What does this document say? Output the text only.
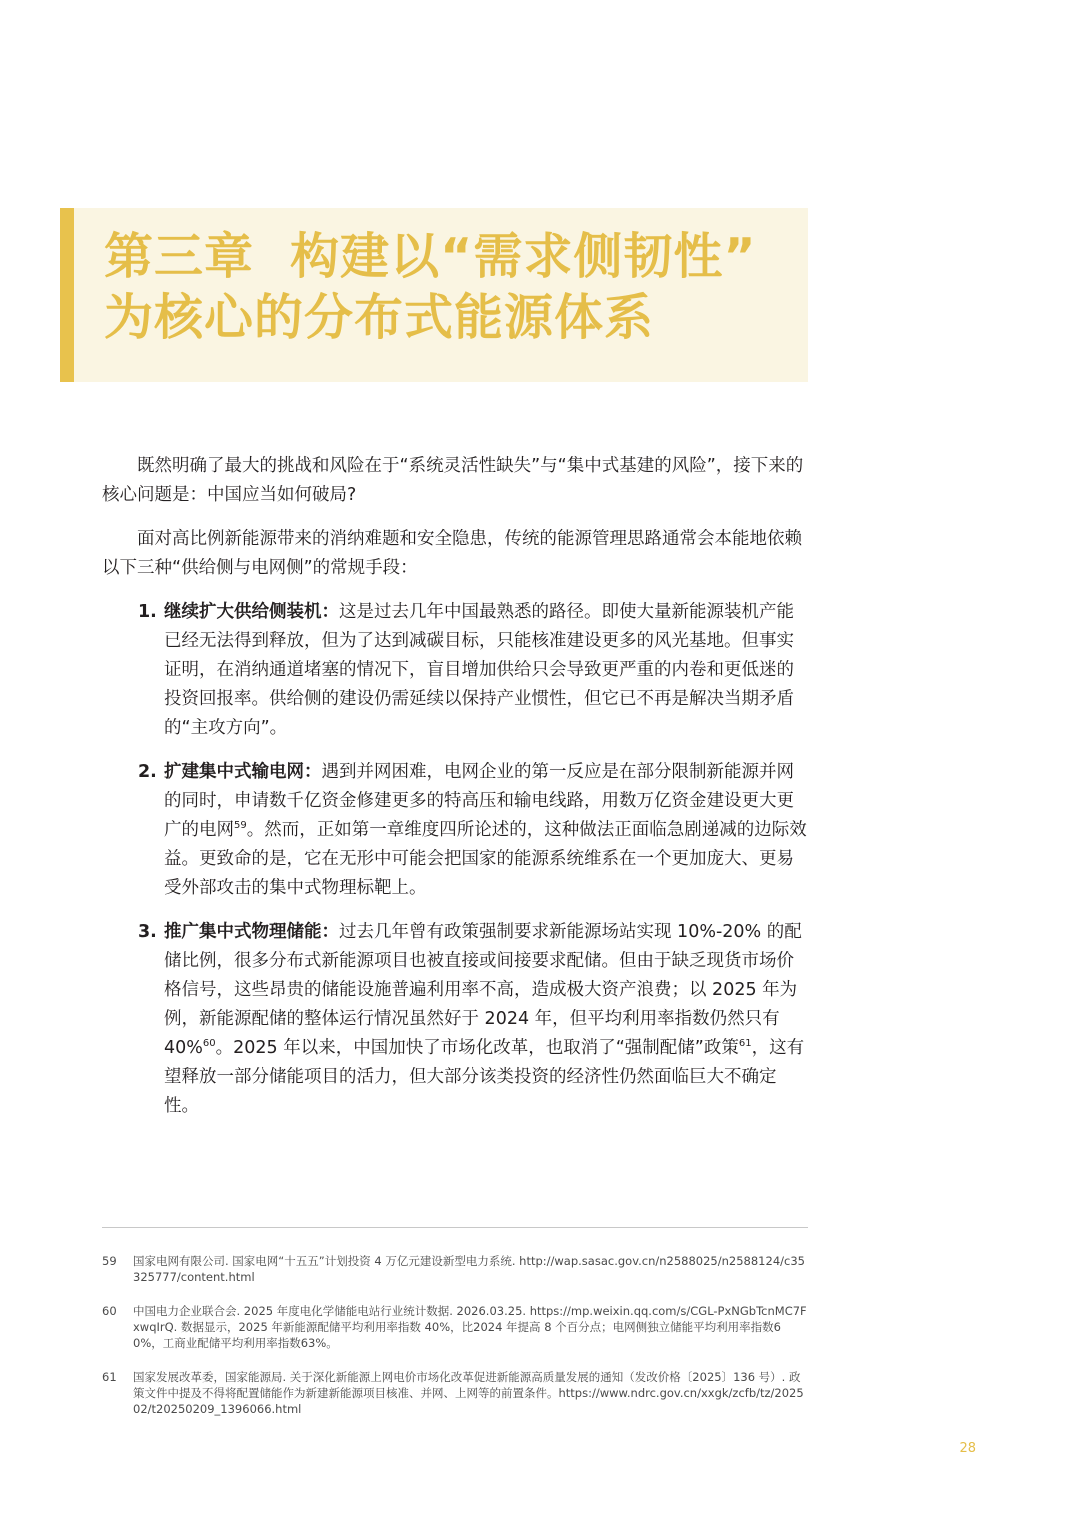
第三章  构建以“需求侧韧性”
为核心的分布式能源体系

既然明确了最大的挑战和风险在于“系统灵活性缺失”与“集中式基建的风险”，接下来的核心问题是：中国应当如何破局?

面对高比例新能源带来的消纳难题和安全隐患，传统的能源管理思路通常会本能地依赖以下三种“供给侧与电网侧”的常规手段：

1. 继续扩大供给侧装机：这是过去几年中国最熟悉的路径。即使大量新能源装机产能已经无法得到释放，但为了达到减碳目标，只能核准建设更多的风光基地。但事实证明，在消纳通道堵塞的情况下，盲目增加供给只会导致更严重的内卷和更低迷的投资回报率。供给侧的建设仍需延续以保持产业惯性，但它已不再是解决当期矛盾的“主攻方向”。
2. 扩建集中式输电网：遇到并网困难，电网企业的第一反应是在部分限制新能源并网的同时，申请数千亿资金修建更多的特高压和输电线路，用数万亿资金建设更大更广的电网$^{59}$。然而，正如第一章维度四所论述的，这种做法正面临急剧递减的边际效益。更致命的是，它在无形中可能会把国家的能源系统维系在一个更加庞大、更易受外部攻击的集中式物理标靶上。
3. 推广集中式物理储能：过去几年曾有政策强制要求新能源场站实现 10%-20% 的配储比例，很多分布式新能源项目也被直接或间接要求配储。但由于缺乏现货市场价格信号，这些昂贵的储能设施普遍利用率不高，造成极大资产浪费；以 2025 年为例，新能源配储的整体运行情况虽然好于 2024 年，但平均利用率指数仍然只有 40%$^{60}$。2025 年以来，中国加快了市场化改革，也取消了“强制配储”政策$^{61}$，这有望释放一部分储能项目的活力，但大部分该类投资的经济性仍然面临巨大不确定性。
59 国家电网有限公司. 国家电网“十五五”计划投资 4 万亿元建设新型电力系统. http://wap.sasac.gov.cn/n2588025/n2588124/c35325777/content.html
60 中国电力企业联合会. 2025 年度电化学储能电站行业统计数据. 2026.03.25. https://mp.weixin.qq.com/s/CGL-PxNGbTcnMC7FxwqIrQ. 数据显示，2025 年新能源配储平均利用率指数 40%，比2024 年提高 8 个百分点；电网侧独立储能平均利用率指数60%，工商业配储平均利用率指数63%。
61 国家发展改革委，国家能源局. 关于深化新能源上网电价市场化改革促进新能源高质量发展的通知（发改价格〔2025〕136 号）. 政策文件中提及不得将配置储能作为新建新能源项目核准、并网、上网等的前置条件。https://www.ndrc.gov.cn/xxgk/zcfb/tz/202502/t20250209_1396066.html
28
